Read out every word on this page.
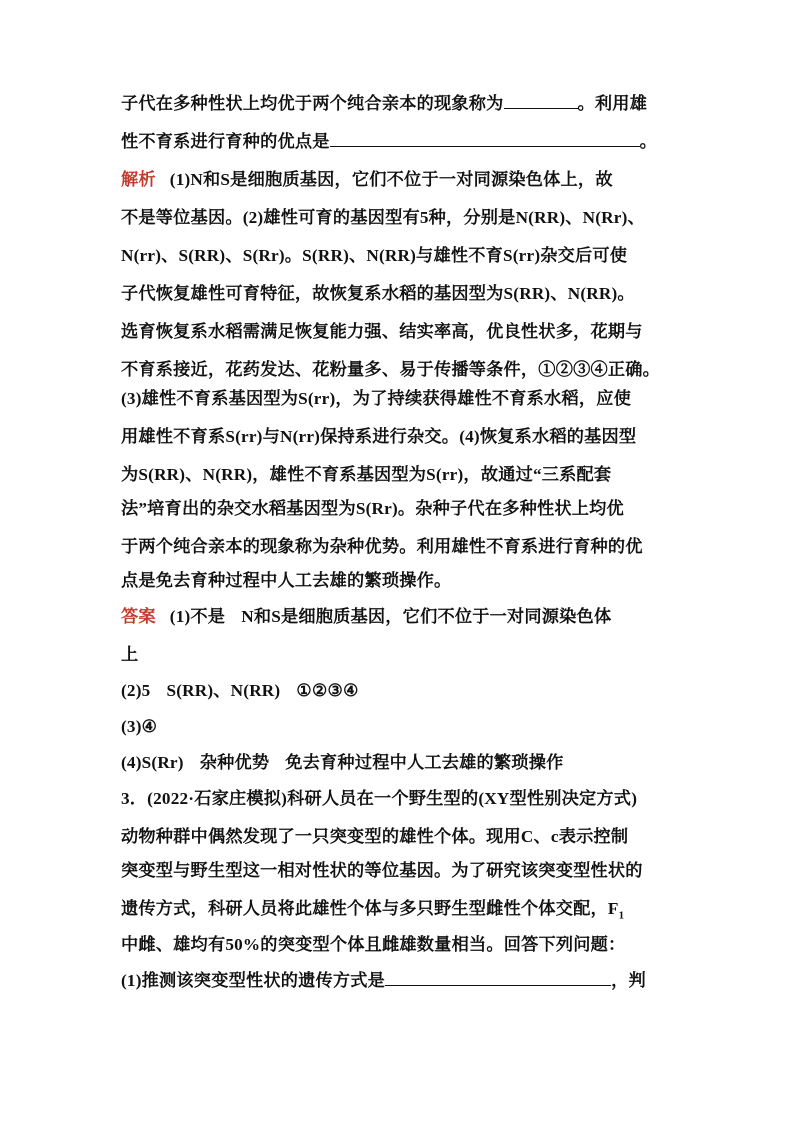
子代在多种性状上均优于两个纯合亲本的现象称为	。利用雄
性不育系进行育种的优点是	。
解析 (1)N和S是细胞质基因，它们不位于一对同源染色体上，故
不是等位基因。(2)雄性可育的基因型有5种，分别是N(RR)、N(Rr)、
N(rr)、S(RR)、S(Rr)。S(RR)、N(RR)与雄性不育S(rr)杂交后可使
子代恢复雄性可育特征，故恢复系水稻的基因型为S(RR)、N(RR)。
选育恢复系水稻需满足恢复能力强、结实率高，优良性状多，花期与
不育系接近，花药发达、花粉量多、易于传播等条件，①②③④正确。
(3)雄性不育系基因型为S(rr)，为了持续获得雄性不育系水稻，应使
用雄性不育系S(rr)与N(rr)保持系进行杂交。(4)恢复系水稻的基因型
为S(RR)、N(RR)，雄性不育系基因型为S(rr)，故通过“三系配套
法”培育出的杂交水稻基因型为S(Rr)。杂种子代在多种性状上均优
于两个纯合亲本的现象称为杂种优势。利用雄性不育系进行育种的优
点是免去育种过程中人工去雄的繁琐操作。
答案 (1)不是 N和S是细胞质基因，它们不位于一对同源染色体
上
(2)5 S(RR)、N(RR) ①②③④
(3)④
(4)S(Rr) 杂种优势 免去育种过程中人工去雄的繁琐操作
3．(2022·石家庄模拟)科研人员在一个野生型的(XY型性别决定方式)
动物种群中偶然发现了一只突变型的雄性个体。现用C、c表示控制
突变型与野生型这一相对性状的等位基因。为了研究该突变型性状的
遗传方式，科研人员将此雄性个体与多只野生型雌性个体交配，$F_1$
中雌、雄均有50%的突变型个体且雌雄数量相当。回答下列问题：
(1)推测该突变型性状的遗传方式是	，判
